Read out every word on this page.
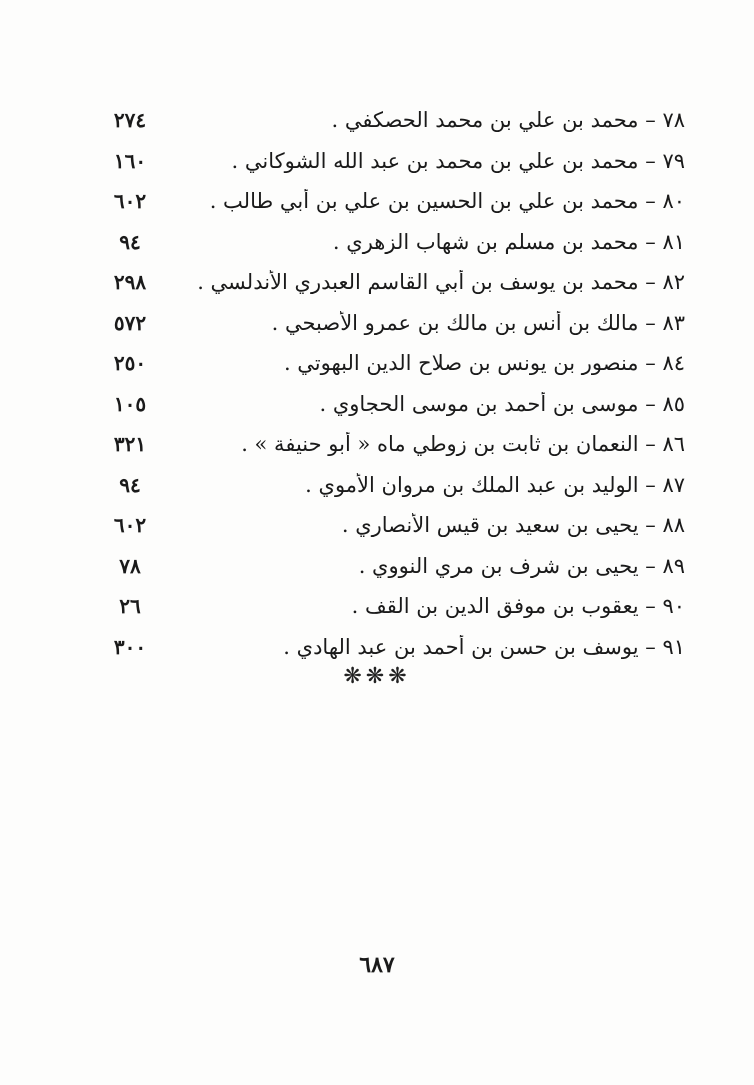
٧٨ – محمد بن علي بن محمد الحصكفي .
٢٧٤
٧٩ – محمد بن علي بن محمد بن عبد الله الشوكاني .
١٦٠
٨٠ – محمد بن علي بن الحسين بن علي بن أبي طالب .
٦٠٢
٨١ – محمد بن مسلم بن شهاب الزهري .
٩٤
٨٢ – محمد بن يوسف بن أبي القاسم العبدري الأندلسي .
٢٩٨
٨٣ – مالك بن أنس بن مالك بن عمرو الأصبحي .
٥٧٢
٨٤ – منصور بن يونس بن صلاح الدين البهوتي .
٢٥٠
٨٥ – موسى بن أحمد بن موسى الحجاوي .
١٠٥
٨٦ – النعمان بن ثابت بن زوطي ماه « أبو حنيفة » .
٣٢١
٨٧ – الوليد بن عبد الملك بن مروان الأموي .
٩٤
٨٨ – يحيى بن سعيد بن قيس الأنصاري .
٦٠٢
٨٩ – يحيى بن شرف بن مري النووي .
٧٨
٩٠ – يعقوب بن موفق الدين بن القف .
٢٦
٩١ – يوسف بن حسن بن أحمد بن عبد الهادي .
٣٠٠
❋❋❋
٦٨٧
